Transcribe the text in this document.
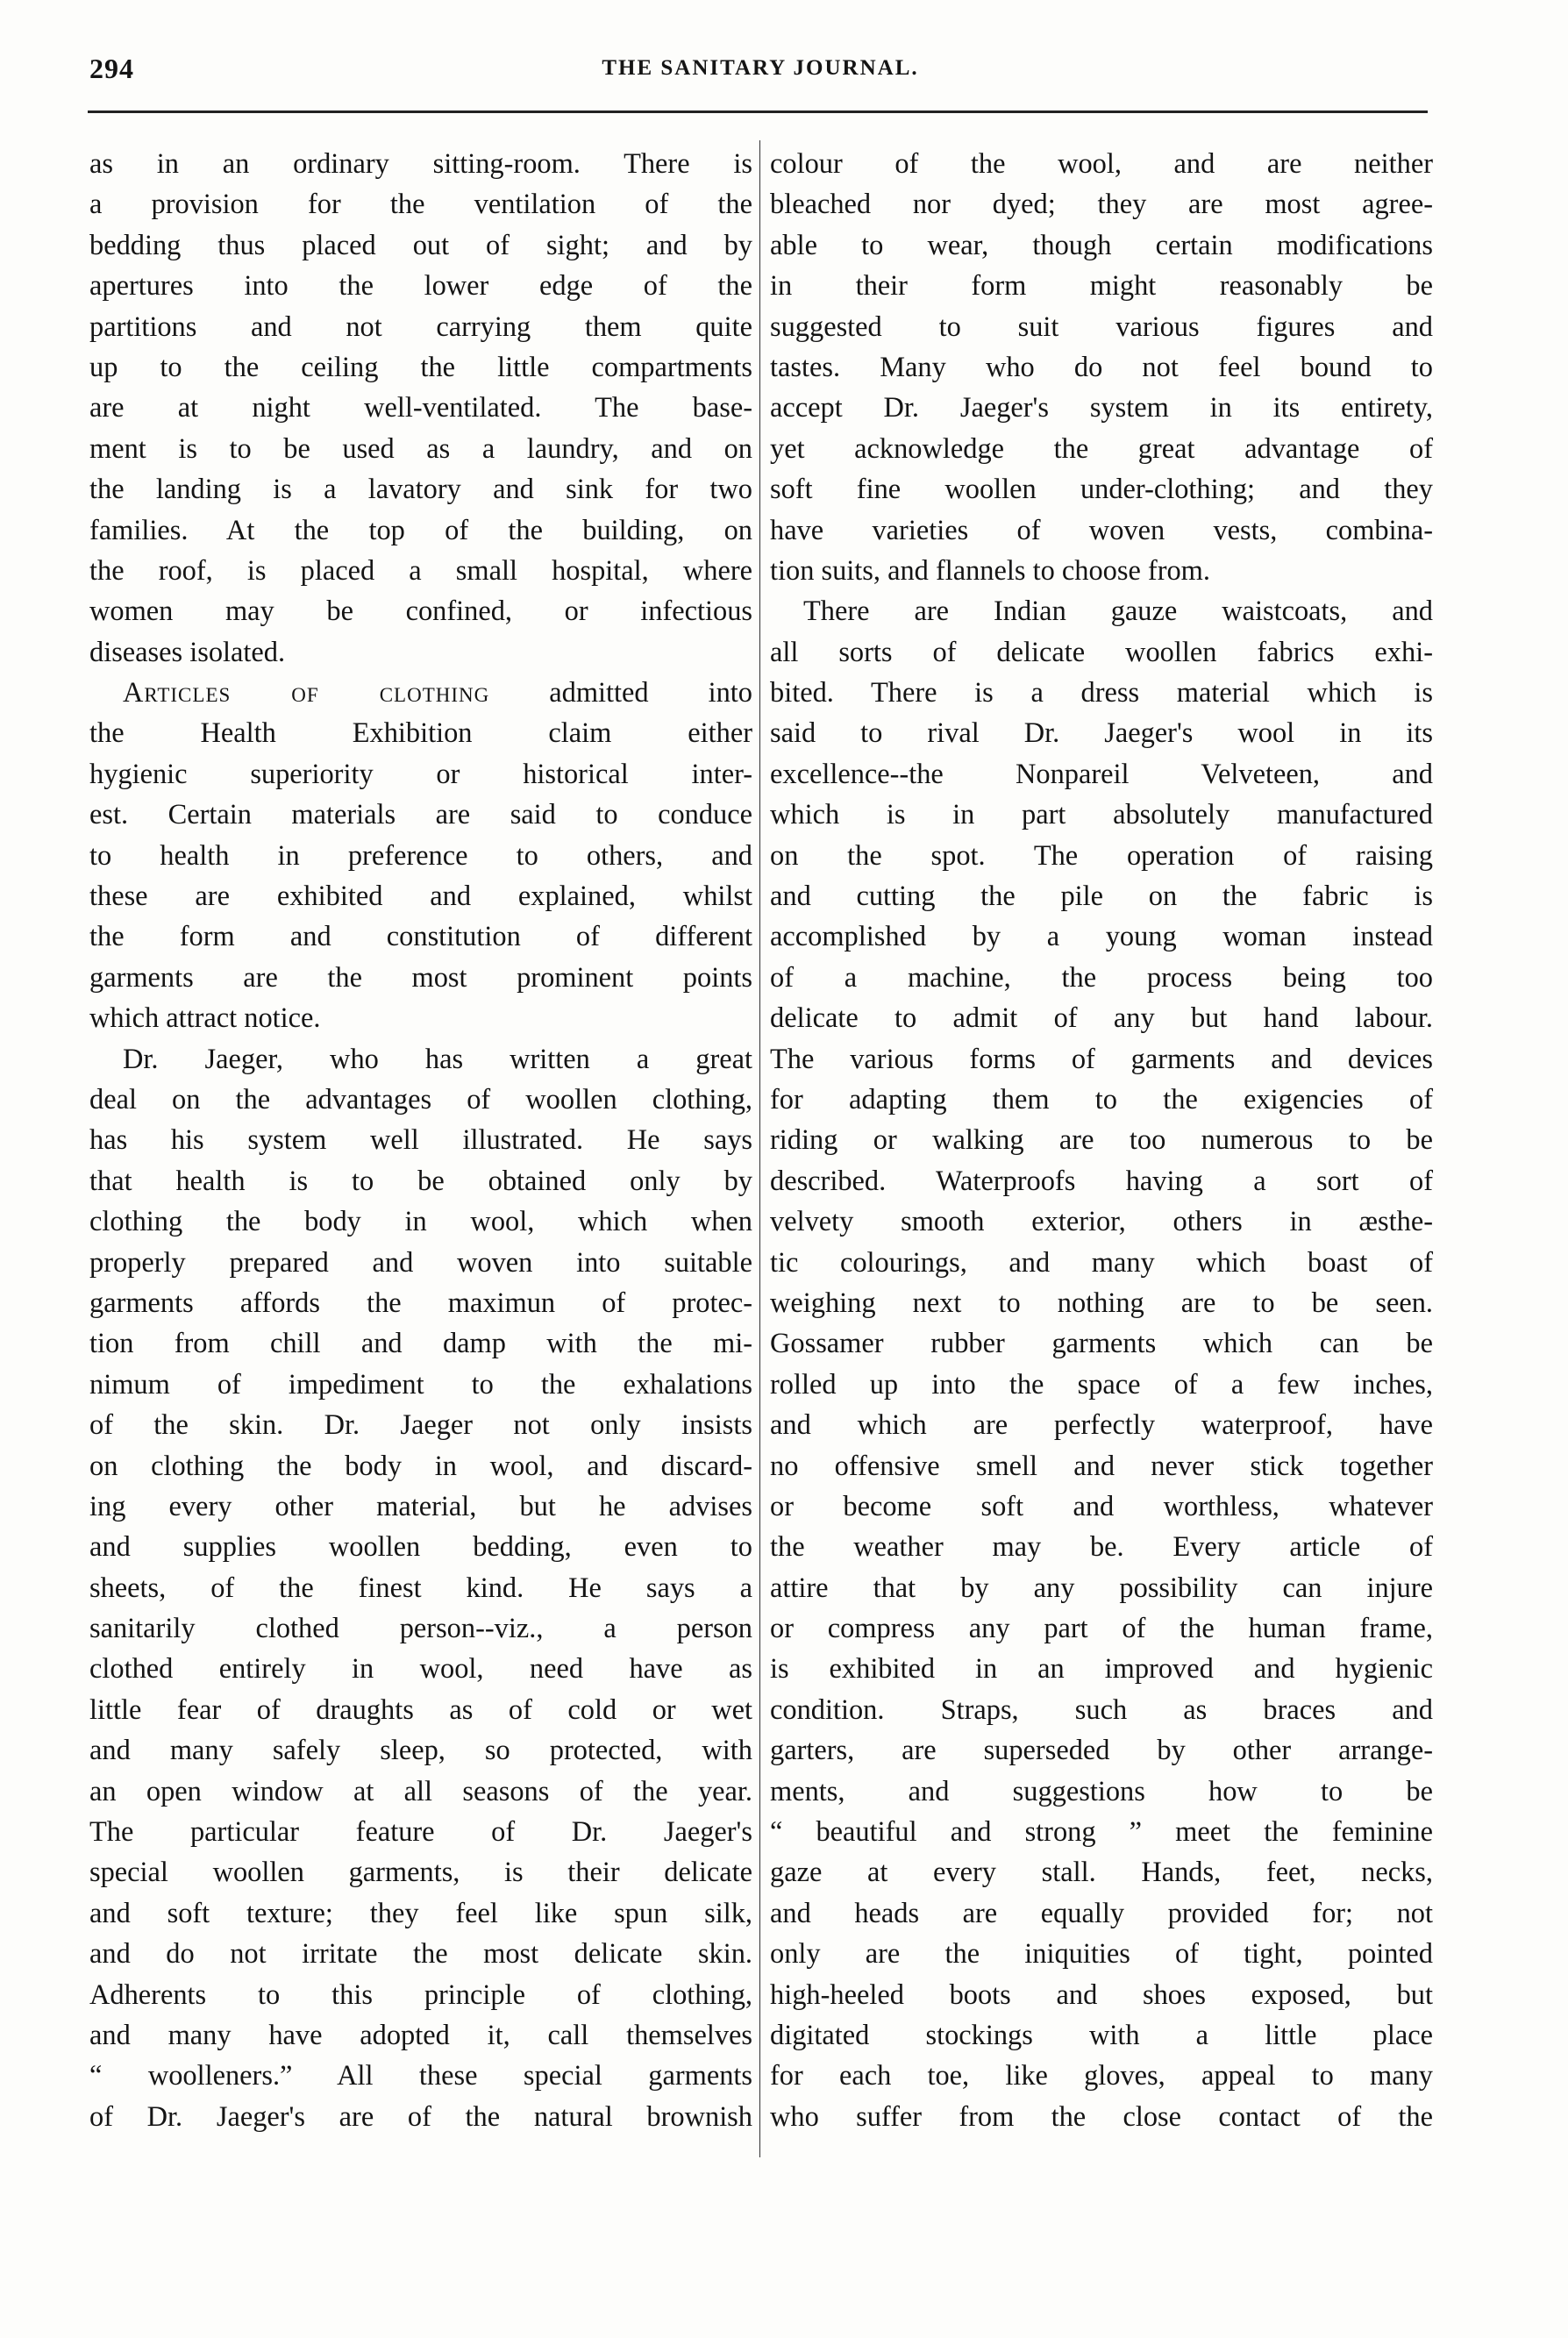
294	THE SANITARY JOURNAL.
as in an ordinary sitting-room. There is
a provision for the ventilation of the
bedding thus placed out of sight; and by
apertures into the lower edge of the
partitions and not carrying them quite
up to the ceiling the little compartments
are at night well-ventilated. The base-
ment is to be used as a laundry, and on
the landing is a lavatory and sink for two
families. At the top of the building, on
the roof, is placed a small hospital, where
women may be confined, or infectious
diseases isolated.
Articles of clothing admitted into
the Health Exhibition claim either
hygienic superiority or historical inter-
est. Certain materials are said to conduce
to health in preference to others, and
these are exhibited and explained, whilst
the form and constitution of different
garments are the most prominent points
which attract notice.
Dr. Jaeger, who has written a great
deal on the advantages of woollen clothing,
has his system well illustrated. He says
that health is to be obtained only by
clothing the body in wool, which when
properly prepared and woven into suitable
garments affords the maximun of protec-
tion from chill and damp with the mi-
nimum of impediment to the exhalations
of the skin. Dr. Jaeger not only insists
on clothing the body in wool, and discard-
ing every other material, but he advises
and supplies woollen bedding, even to
sheets, of the finest kind. He says a
sanitarily clothed person--viz., a person
clothed entirely in wool, need have as
little fear of draughts as of cold or wet
and many safely sleep, so protected, with
an open window at all seasons of the year.
The particular feature of Dr. Jaeger's
special woollen garments, is their delicate
and soft texture; they feel like spun silk,
and do not irritate the most delicate skin.
Adherents to this principle of clothing,
and many have adopted it, call themselves
“ woolleners.” All these special garments
of Dr. Jaeger's are of the natural brownish
colour of the wool, and are neither
bleached nor dyed; they are most agree-
able to wear, though certain modifications
in their form might reasonably be
suggested to suit various figures and
tastes. Many who do not feel bound to
accept Dr. Jaeger's system in its entirety,
yet acknowledge the great advantage of
soft fine woollen under-clothing; and they
have varieties of woven vests, combina-
tion suits, and flannels to choose from.
There are Indian gauze waistcoats, and
all sorts of delicate woollen fabrics exhi-
bited. There is a dress material which is
said to rival Dr. Jaeger's wool in its
excellence--the Nonpareil Velveteen, and
which is in part absolutely manufactured
on the spot. The operation of raising
and cutting the pile on the fabric is
accomplished by a young woman instead
of a machine, the process being too
delicate to admit of any but hand labour.
The various forms of garments and devices
for adapting them to the exigencies of
riding or walking are too numerous to be
described. Waterproofs having a sort of
velvety smooth exterior, others in æsthe-
tic colourings, and many which boast of
weighing next to nothing are to be seen.
Gossamer rubber garments which can be
rolled up into the space of a few inches,
and which are perfectly waterproof, have
no offensive smell and never stick together
or become soft and worthless, whatever
the weather may be. Every article of
attire that by any possibility can injure
or compress any part of the human frame,
is exhibited in an improved and hygienic
condition. Straps, such as braces and
garters, are superseded by other arrange-
ments, and suggestions how to be
“ beautiful and strong ” meet the feminine
gaze at every stall. Hands, feet, necks,
and heads are equally provided for; not
only are the iniquities of tight, pointed
high-heeled boots and shoes exposed, but
digitated stockings with a little place
for each toe, like gloves, appeal to many
who suffer from the close contact of the
